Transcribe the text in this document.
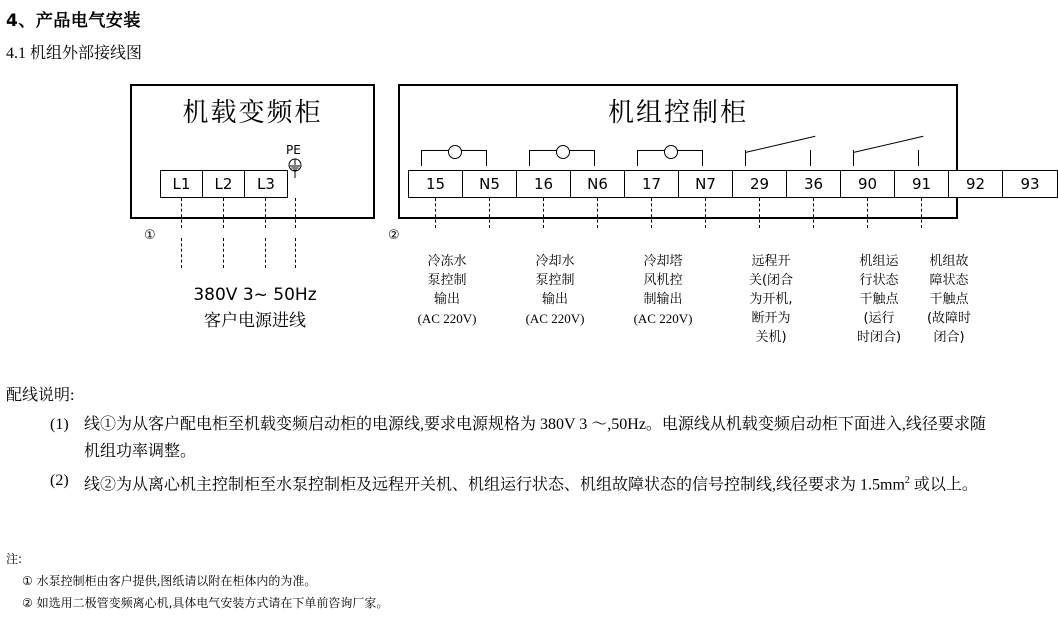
4、产品电气安装
4.1 机组外部接线图
机载变频柜
L1	L2	L3
PE
①
380V 3~ 50Hz
客户电源进线
机组控制柜
15	N5	16	N6	17	N7	29	36	90	91	92	93
②
冷冻水
泵控制
输出
(AC 220V)
冷却水
泵控制
输出
(AC 220V)
冷却塔
风机控
制输出
(AC 220V)
远程开
关(闭合
为开机,
断开为
关机)
机组运
行状态
干触点
(运行
时闭合)
机组故
障状态
干触点
(故障时
闭合)
配线说明:
(1) 线①为从客户配电柜至机载变频启动柜的电源线,要求电源规格为 380V 3 ～,50Hz。电源线从机载变频启动柜下面进入,线径要求随机组功率调整。
(2) 线②为从离心机主控制柜至水泵控制柜及远程开关机、机组运行状态、机组故障状态的信号控制线,线径要求为 $1.5mm^2$ 或以上。
注:
① 水泵控制柜由客户提供,图纸请以附在柜体内的为准。
② 如选用二极管变频离心机,具体电气安装方式请在下单前咨询厂家。
